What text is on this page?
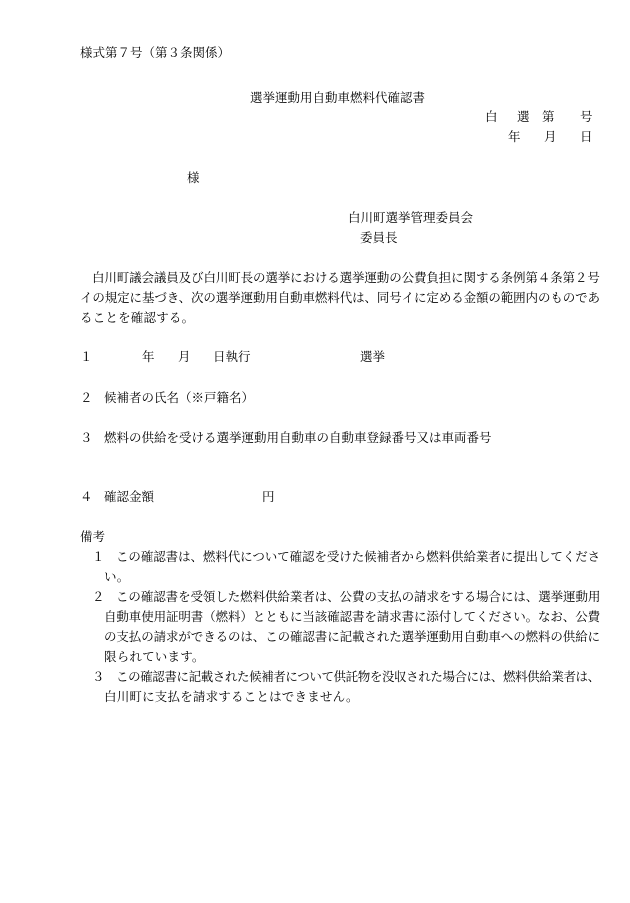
様式第７号（第３条関係）
選挙運動用自動車燃料代確認書
白 選 第 号
年 月 日
様
白川町選挙管理委員会
委員長
白川町議会議員及び白川町長の選挙における選挙運動の公費負担に関する条例第４条第２号
イの規定に基づき、次の選挙運動用自動車燃料代は、同号イに定める金額の範囲内のものであ
ることを確認する。
１	年 月 日執行	選挙
２ 候補者の氏名（※戸籍名）
３ 燃料の供給を受ける選挙運動用自動車の自動車登録番号又は車両番号
４ 確認金額	円
備考
１ この確認書は、燃料代について確認を受けた候補者から燃料供給業者に提出してくださ
い。
２ この確認書を受領した燃料供給業者は、公費の支払の請求をする場合には、選挙運動用
自動車使用証明書（燃料）とともに当該確認書を請求書に添付してください。なお、公費
の支払の請求ができるのは、この確認書に記載された選挙運動用自動車への燃料の供給に
限られています。
３ この確認書に記載された候補者について供託物を没収された場合には、燃料供給業者は、
白川町に支払を請求することはできません。
